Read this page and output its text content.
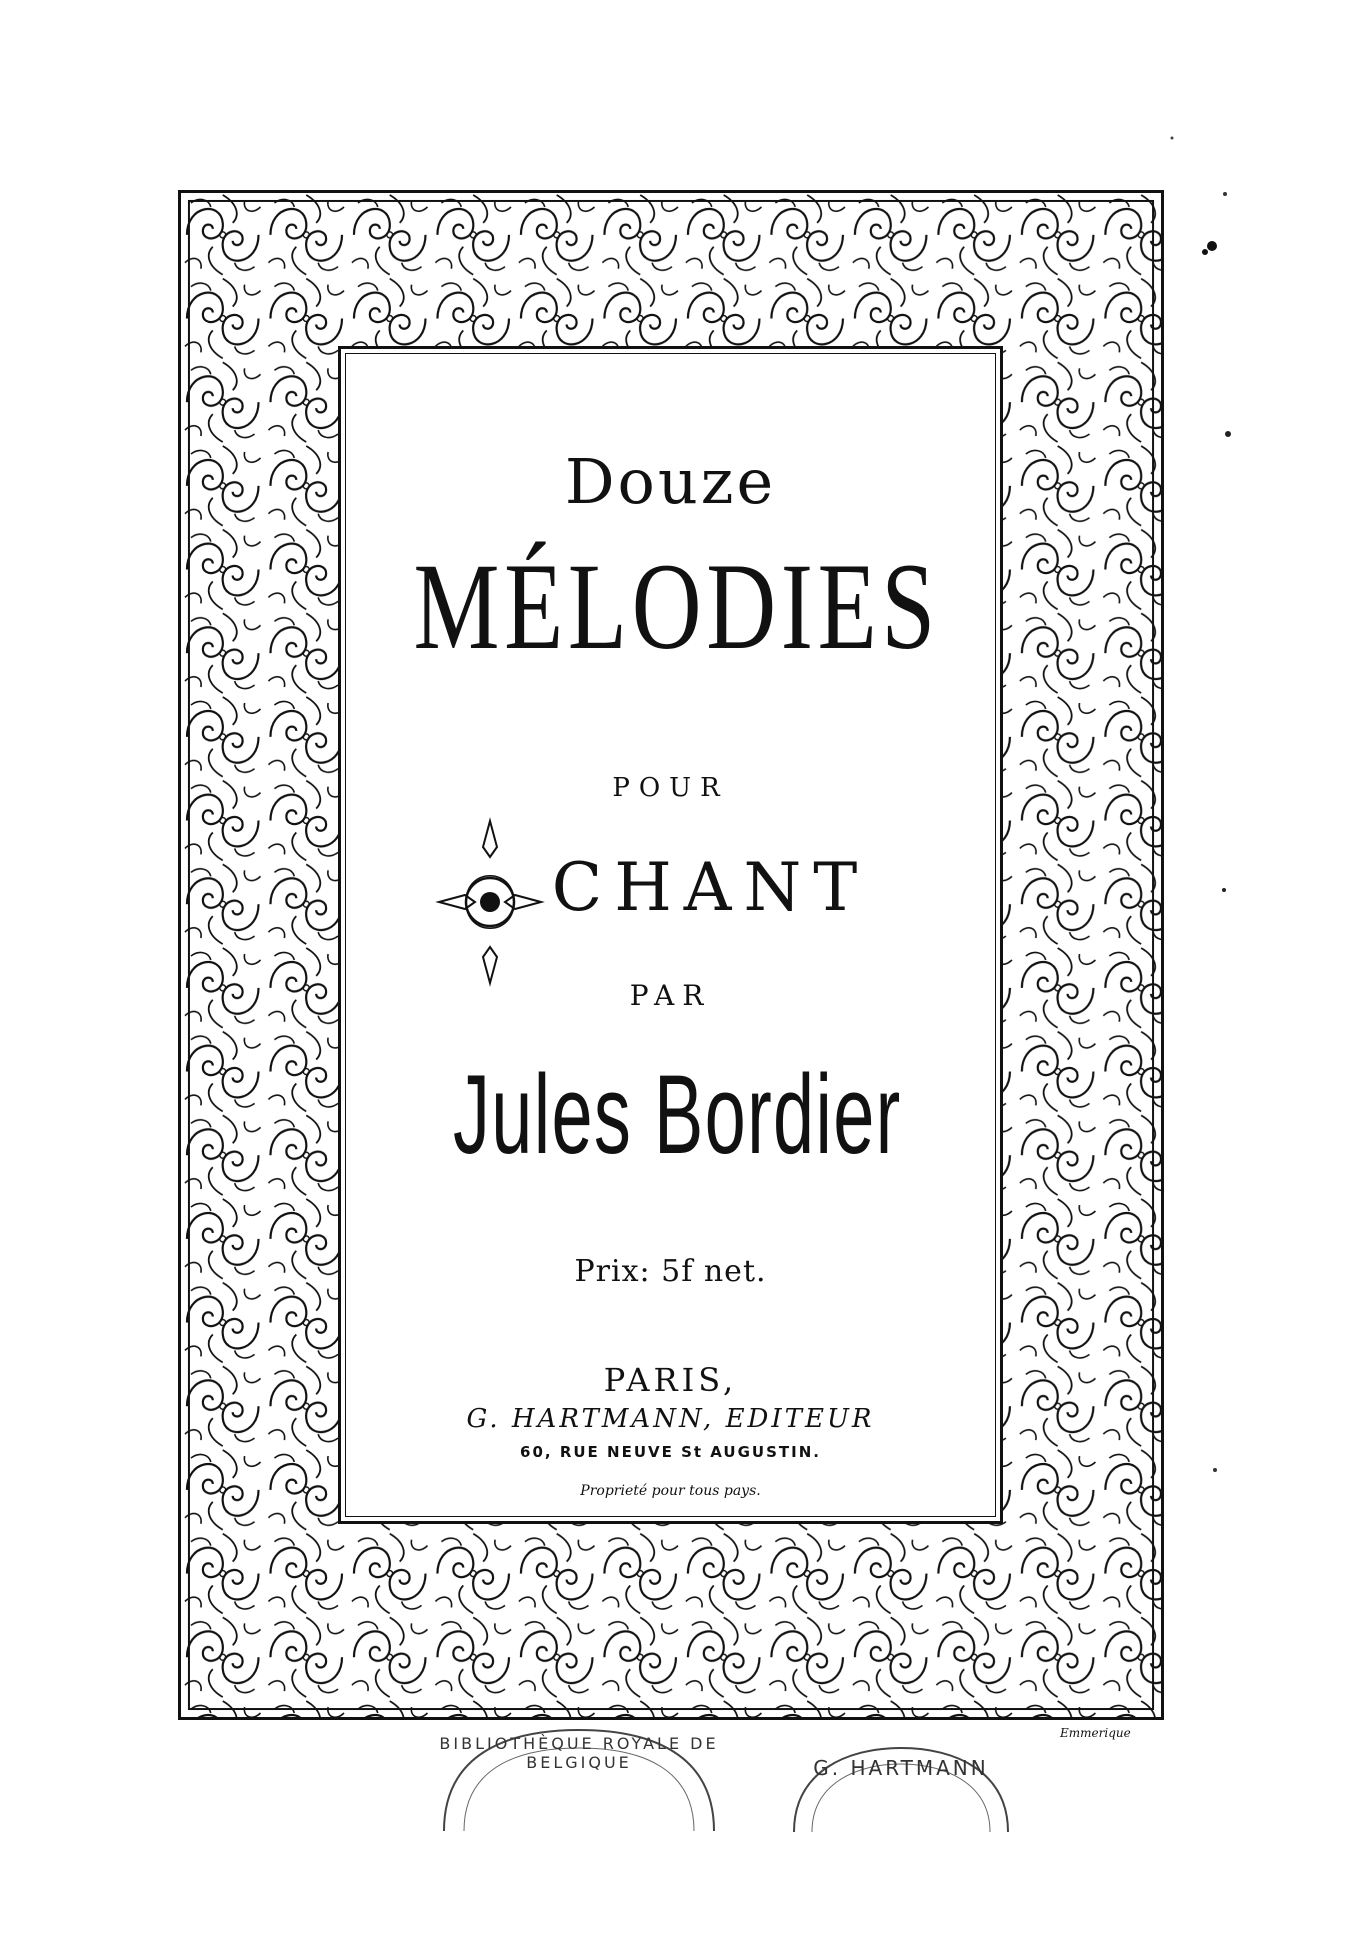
Douze
MÉLODIES
POUR
CHANT
PAR
Jules Bordier
Prix: 5f net.
PARIS,
G. HARTMANN, EDITEUR
60, RUE NEUVE St AUGUSTIN.
Proprieté pour tous pays.
Emmerique
BIBLIOTHÈQUE ROYALE DE BELGIQUE	G. HARTMANN
